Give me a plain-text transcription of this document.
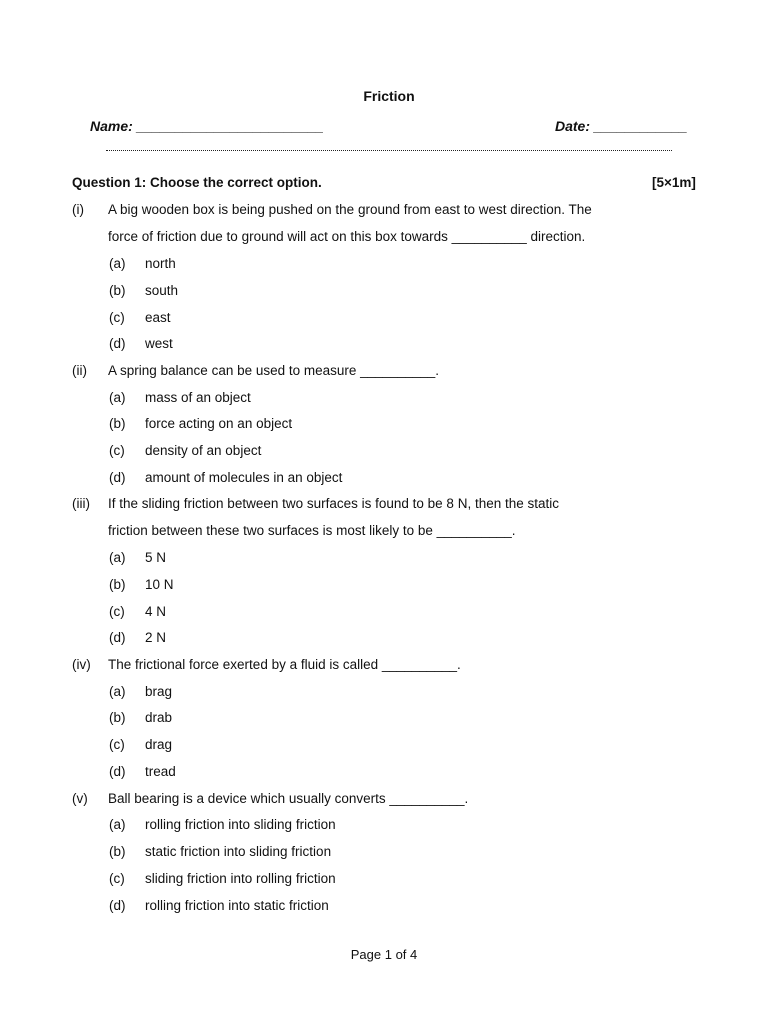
Friction
Name: ________________________	Date: ____________
Question 1: Choose the correct option.	[5×1m]
(i) A big wooden box is being pushed on the ground from east to west direction. The
force of friction due to ground will act on this box towards __________ direction.
(a) north
(b) south
(c) east
(d) west
(ii) A spring balance can be used to measure __________.
(a) mass of an object
(b) force acting on an object
(c) density of an object
(d) amount of molecules in an object
(iii) If the sliding friction between two surfaces is found to be 8 N, then the static
friction between these two surfaces is most likely to be __________.
(a) 5 N
(b) 10 N
(c) 4 N
(d) 2 N
(iv) The frictional force exerted by a fluid is called __________.
(a) brag
(b) drab
(c) drag
(d) tread
(v) Ball bearing is a device which usually converts __________.
(a) rolling friction into sliding friction
(b) static friction into sliding friction
(c) sliding friction into rolling friction
(d) rolling friction into static friction
Page 1 of 4
